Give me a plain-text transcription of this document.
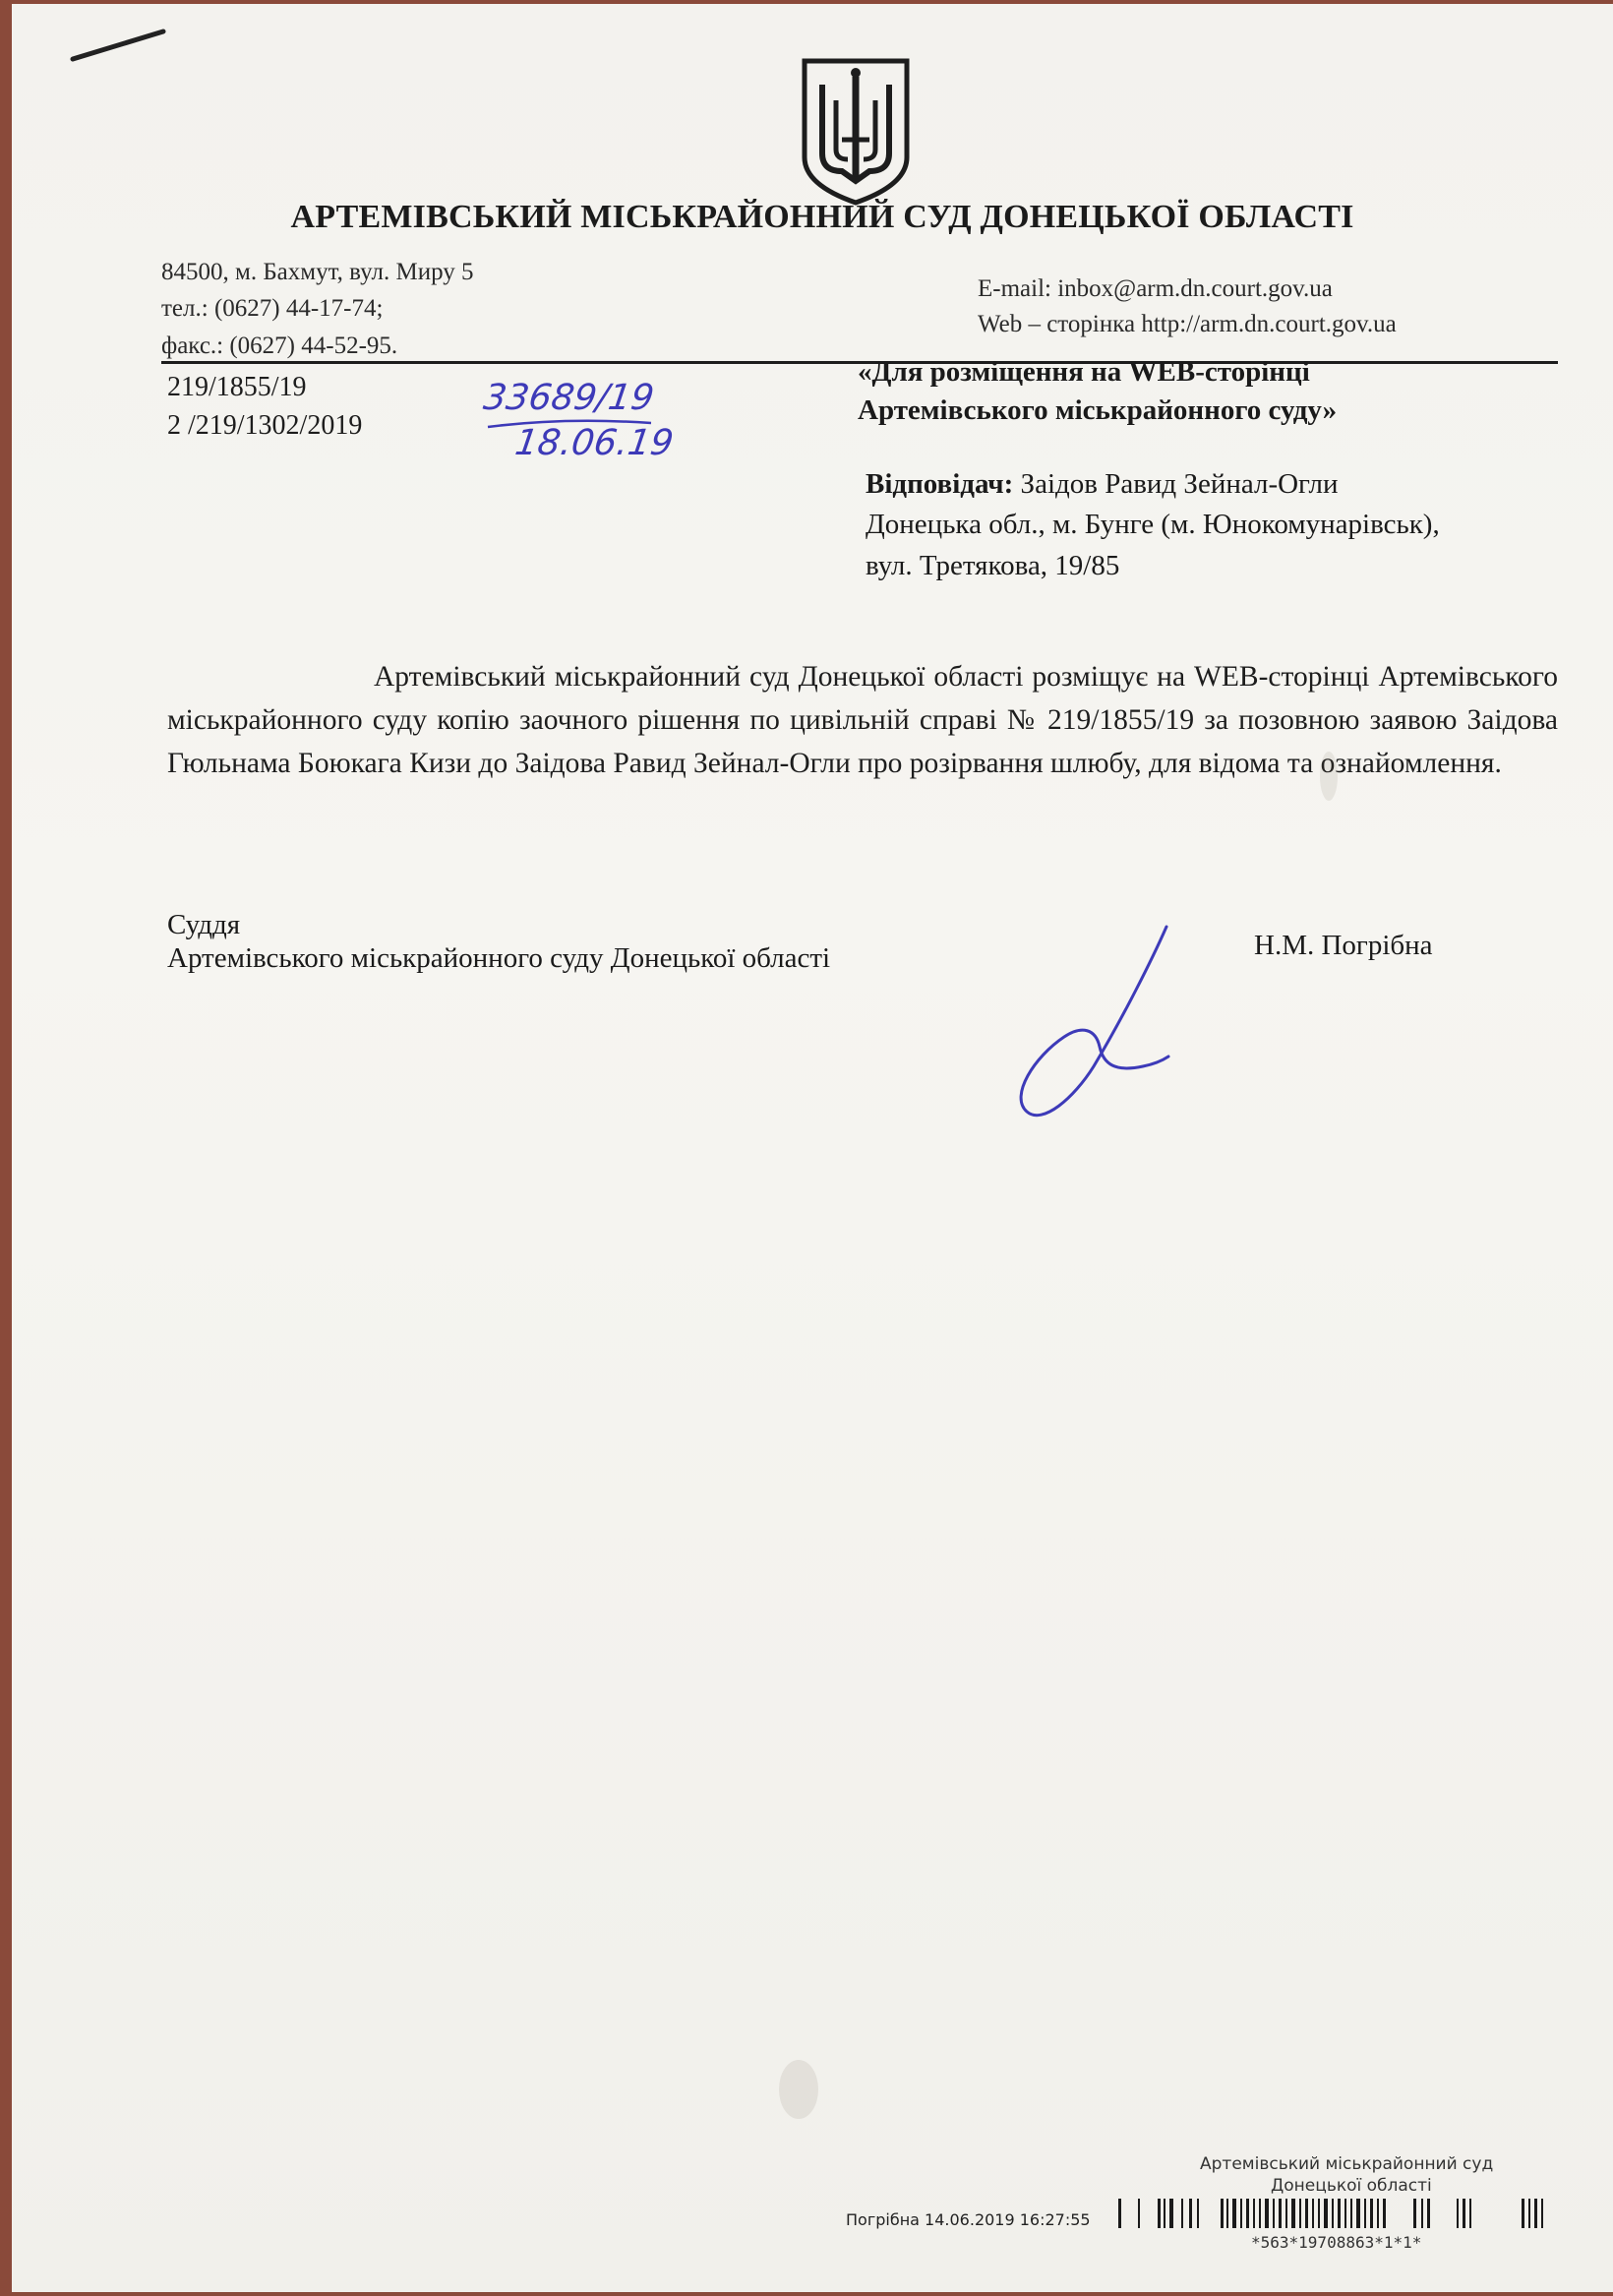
АРТЕМІВСЬКИЙ МІСЬКРАЙОННИЙ СУД ДОНЕЦЬКОЇ ОБЛАСТІ
84500, м. Бахмут, вул. Миру 5
тел.: (0627) 44-17-74;
факс.: (0627) 44-52-95.
E-mail: inbox@arm.dn.court.gov.ua
Web – сторінка http://arm.dn.court.gov.ua
219/1855/19
2 /219/1302/2019
33689/19
18.06.19
«Для розміщення на WEB-сторінці
Артемівського міськрайонного суду»
Відповідач: Заідов Равид Зейнал-Огли
Донецька обл., м. Бунге (м. Юнокомунарівськ),
вул. Третякова, 19/85
Артемівський міськрайонний суд Донецької області розміщує на WEB-сторінці Артемівського міськрайонного суду копію заочного рішення по цивільній справі № 219/1855/19 за позовною заявою Заідова Гюльнама Боюкага Кизи до Заідова Равид Зейнал-Огли про розірвання шлюбу, для відома та ознайомлення.
Суддя
Артемівського міськрайонного суду Донецької області	Н.М. Погрібна
Артемівський міськрайонний суд
Донецької області
Погрібна 14.06.2019 16:27:55
*563*19708863*1*1*
